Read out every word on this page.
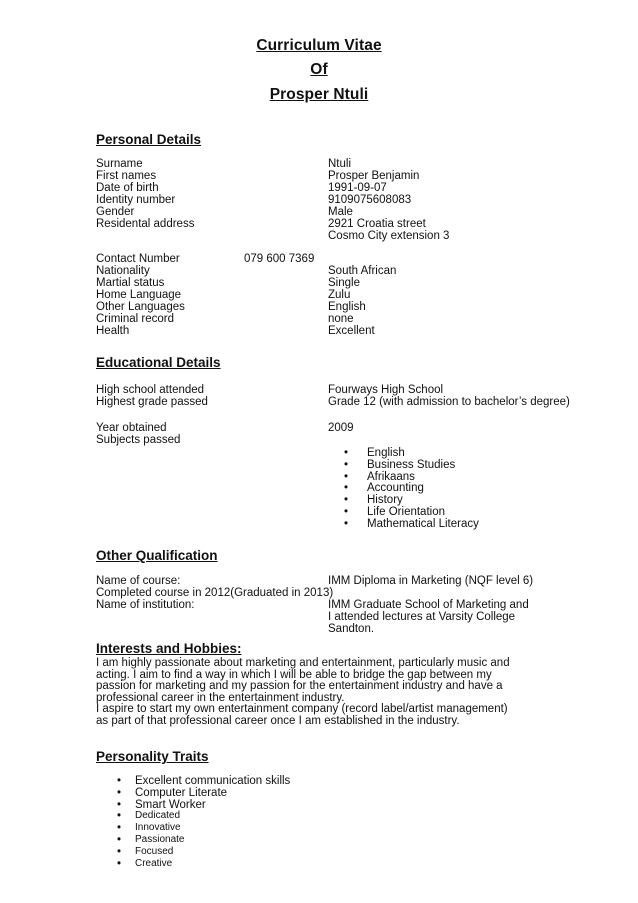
Curriculum Vitae
Of
Prosper Ntuli
Personal Details
Surname	Ntuli
First names	Prosper Benjamin
Date of birth	1991-09-07
Identity number	9109075608083
Gender	Male
Residental address	2921 Croatia street
Cosmo City extension 3
Contact Number	079 600 7369
Nationality	South African
Martial status	Single
Home Language	Zulu
Other Languages	English
Criminal record	none
Health	Excellent
Educational Details
High school attended	Fourways High School
Highest grade passed	Grade 12 (with admission to bachelor’s degree)
Year obtained	2009
Subjects passed
• English
• Business Studies
• Afrikaans
• Accounting
• History
• Life Orientation
• Mathematical Literacy
Other Qualification
Name of course:	IMM Diploma in Marketing (NQF level 6)
Completed course in 2012(Graduated in 2013)
Name of institution:	IMM Graduate School of Marketing and
I attended lectures at Varsity College
Sandton.
Interests and Hobbies:
I am highly passionate about marketing and entertainment, particularly music and
acting. I aim to find a way in which I will be able to bridge the gap between my
passion for marketing and my passion for the entertainment industry and have a
professional career in the entertainment industry.
I aspire to start my own entertainment company (record label/artist management)
as part of that professional career once I am established in the industry.
Personality Traits
• Excellent communication skills
• Computer Literate
• Smart Worker
• Dedicated
• Innovative
• Passionate
• Focused
• Creative
